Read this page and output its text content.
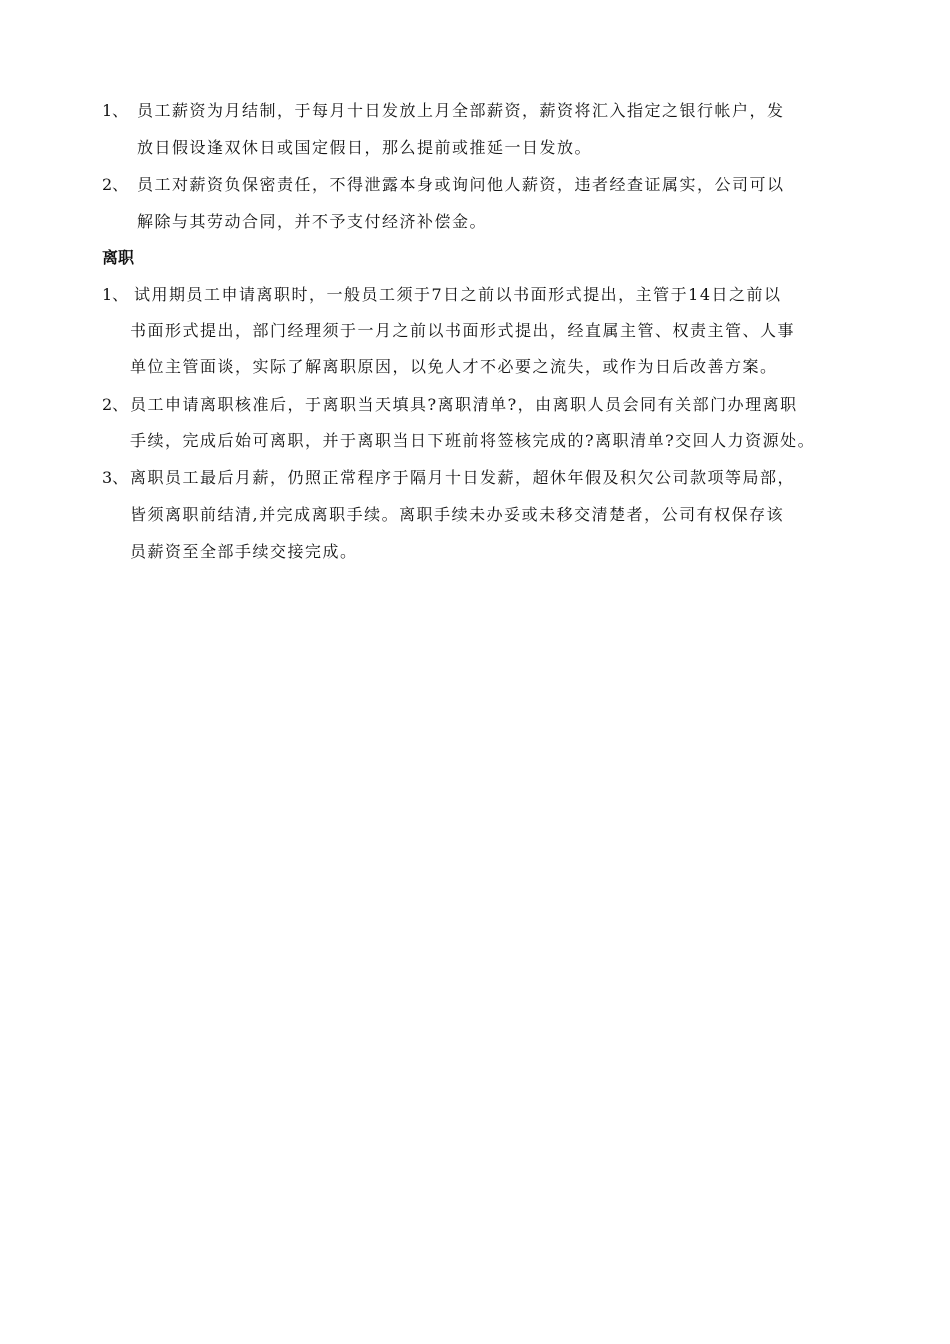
1、 员工薪资为月结制，于每月十日发放上月全部薪资，薪资将汇入指定之银行帐户，发
放日假设逢双休日或国定假日，那么提前或推延一日发放。
2、 员工对薪资负保密责任，不得泄露本身或询问他人薪资，违者经查证属实，公司可以
解除与其劳动合同，并不予支付经济补偿金。
离职
1、 试用期员工申请离职时，一般员工须于7日之前以书面形式提出，主管于14日之前以
书面形式提出，部门经理须于一月之前以书面形式提出，经直属主管、权责主管、人事
单位主管面谈，实际了解离职原因，以免人才不必要之流失，或作为日后改善方案。
2、 员工申请离职核准后，于离职当天填具?离职清单?，由离职人员会同有关部门办理离职
手续，完成后始可离职，并于离职当日下班前将签核完成的?离职清单?交回人力资源处。
3、 离职员工最后月薪，仍照正常程序于隔月十日发薪，超休年假及积欠公司款项等局部，
皆须离职前结清,并完成离职手续。离职手续未办妥或未移交清楚者，公司有权保存该
员薪资至全部手续交接完成。
